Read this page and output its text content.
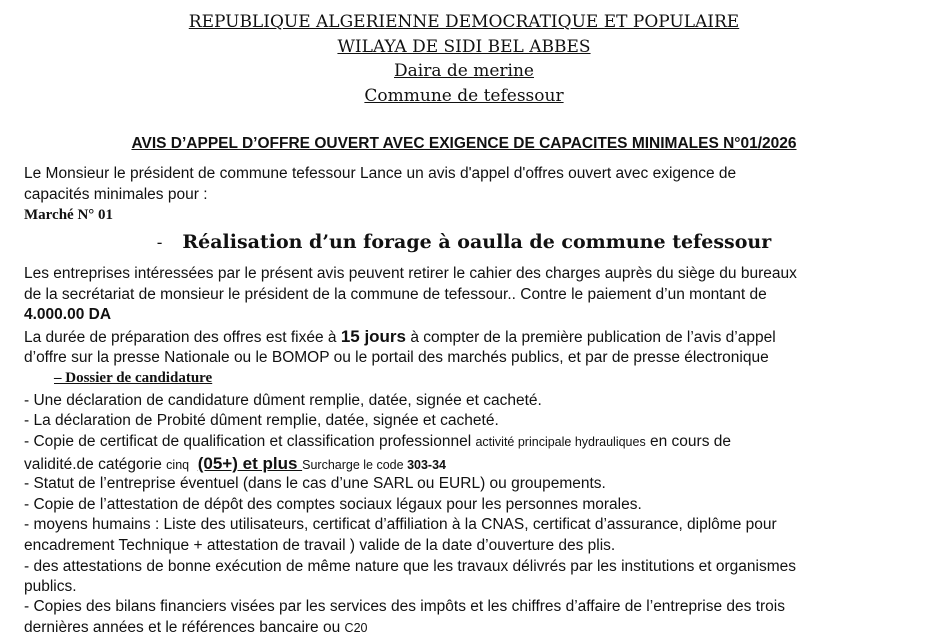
REPUBLIQUE ALGERIENNE DEMOCRATIQUE ET POPULAIRE
WILAYA DE SIDI BEL ABBES
Daira de merine
Commune de tefessour
AVIS D’APPEL D’OFFRE OUVERT AVEC EXIGENCE DE CAPACITES MINIMALES N°01/2026
Le Monsieur le président de commune tefessour Lance un avis d'appel d'offres ouvert avec exigence de
capacités minimales pour :
Marché N° 01
- Réalisation d’un forage à oaulla de commune tefessour
Les entreprises intéressées par le présent avis peuvent retirer le cahier des charges auprès du siège du bureaux
de la secrétariat de monsieur le président de la commune de tefessour.. Contre le paiement d’un montant de
4.000.00 DA
La durée de préparation des offres est fixée à 15 jours à compter de la première publication de l’avis d’appel
d’offre sur la presse Nationale ou le BOMOP ou le portail des marchés publics, et par de presse électronique
– Dossier de candidature
- Une déclaration de candidature dûment remplie, datée, signée et cacheté.
- La déclaration de Probité dûment remplie, datée, signée et cacheté.
- Copie de certificat de qualification et classification professionnel activité principale hydrauliques en cours de
validité.de catégorie cinq (05+) et plus Surcharge le code 303-34
- Statut de l’entreprise éventuel (dans le cas d’une SARL ou EURL) ou groupements.
- Copie de l’attestation de dépôt des comptes sociaux légaux pour les personnes morales.
- moyens humains : Liste des utilisateurs, certificat d’affiliation à la CNAS, certificat d’assurance, diplôme pour
encadrement Technique + attestation de travail ) valide de la date d’ouverture des plis.
- des attestations de bonne exécution de même nature que les travaux délivrés par les institutions et organismes
publics.
- Copies des bilans financiers visées par les services des impôts et les chiffres d’affaire de l’entreprise des trois
dernières années et le références bancaire ou C20
